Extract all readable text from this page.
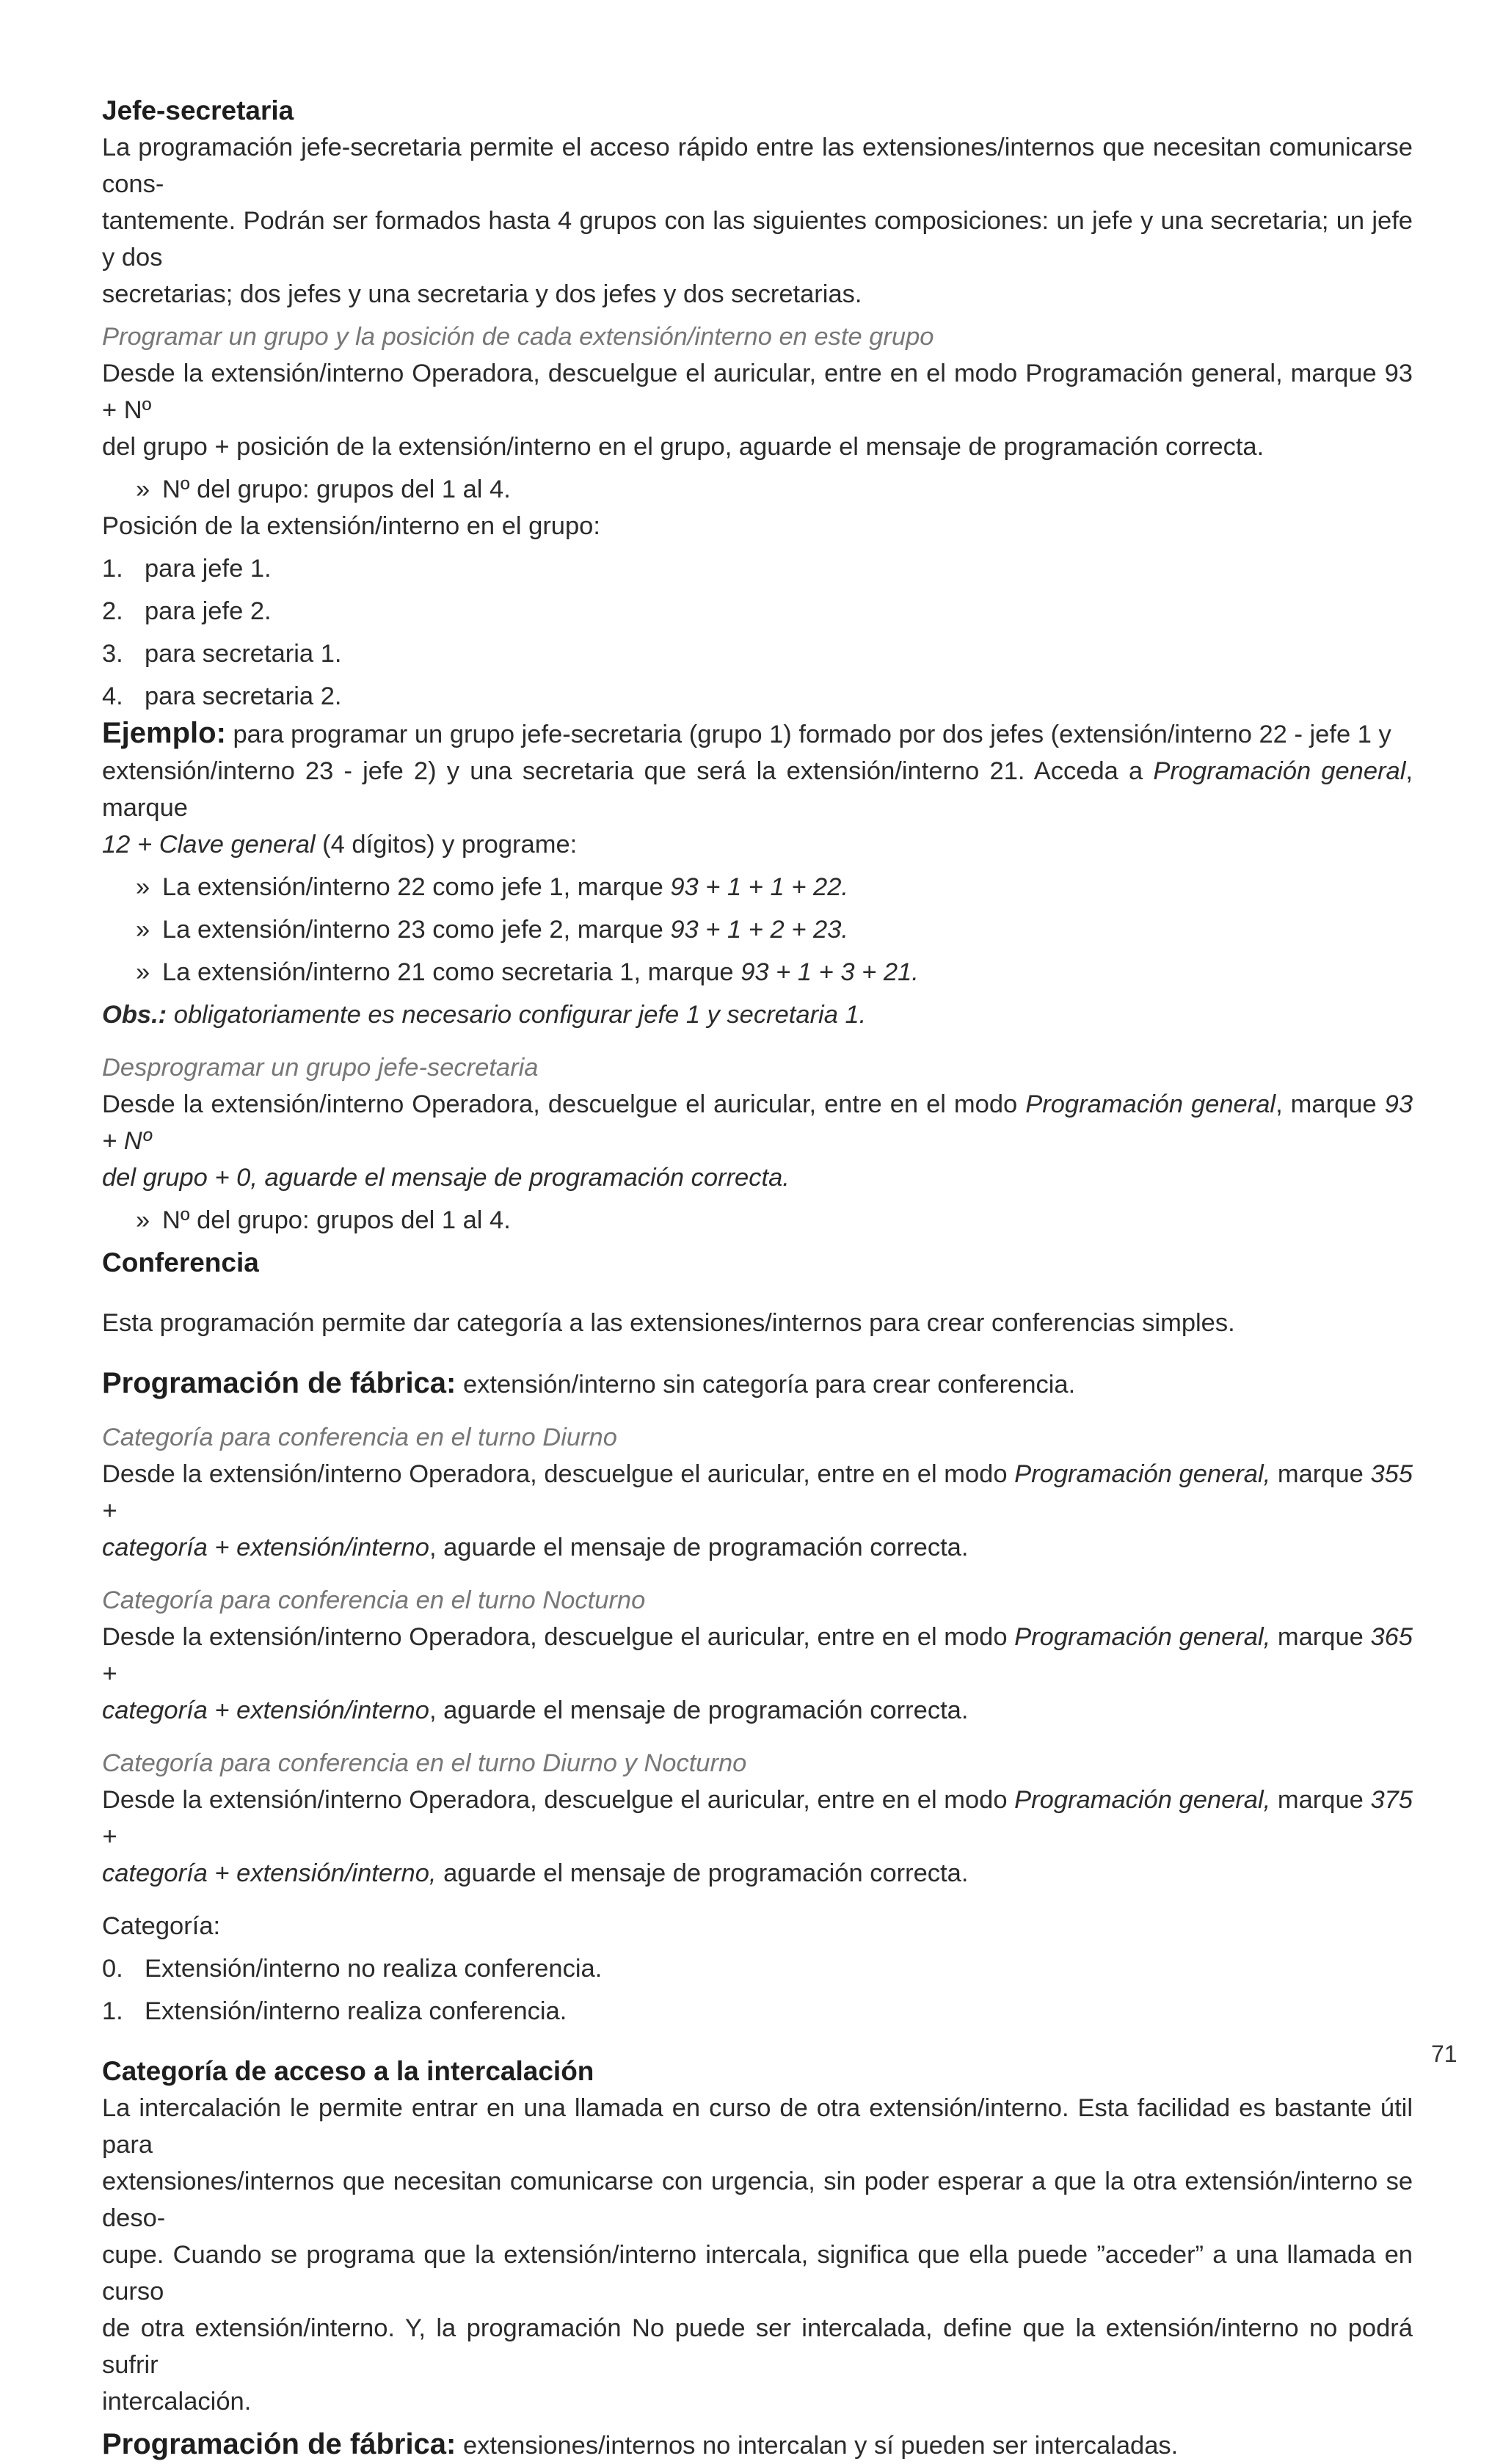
Jefe-secretaria

La programación jefe-secretaria permite el acceso rápido entre las extensiones/internos que necesitan comunicarse cons-

tantemente. Podrán ser formados hasta 4 grupos con las siguientes composiciones: un jefe y una secretaria; un jefe y dos

secretarias; dos jefes y una secretaria y dos jefes y dos secretarias.

Programar un grupo y la posición de cada extensión/interno en este grupo

Desde la extensión/interno Operadora, descuelgue el auricular, entre en el modo Programación general, marque 93 + Nº

del grupo + posición de la extensión/interno en el grupo, aguarde el mensaje de programación correcta.

» Nº del grupo: grupos del 1 al 4.

Posición de la extensión/interno en el grupo:

1. para jefe 1.

2. para jefe 2.

3. para secretaria 1.

4. para secretaria 2.

Ejemplo: para programar un grupo jefe-secretaria (grupo 1) formado por dos jefes (extensión/interno 22 - jefe 1 y

extensión/interno 23 - jefe 2) y una secretaria que será la extensión/interno 21. Acceda a Programación general, marque

12 + Clave general (4 dígitos) y programe:

» La extensión/interno 22 como jefe 1, marque 93 + 1 + 1 + 22.

» La extensión/interno 23 como jefe 2, marque 93 + 1 + 2 + 23.

» La extensión/interno 21 como secretaria 1, marque 93 + 1 + 3 + 21.

Obs.: obligatoriamente es necesario configurar jefe 1 y secretaria 1.

Desprogramar un grupo jefe-secretaria

Desde la extensión/interno Operadora, descuelgue el auricular, entre en el modo Programación general, marque 93 + Nº

del grupo + 0, aguarde el mensaje de programación correcta.

» Nº del grupo: grupos del 1 al 4.

Conferencia

Esta programación permite dar categoría a las extensiones/internos para crear conferencias simples.

Programación de fábrica: extensión/interno sin categoría para crear conferencia.

Categoría para conferencia en el turno Diurno

Desde la extensión/interno Operadora, descuelgue el auricular, entre en el modo Programación general, marque 355 +

categoría + extensión/interno, aguarde el mensaje de programación correcta.

Categoría para conferencia en el turno Nocturno

Desde la extensión/interno Operadora, descuelgue el auricular, entre en el modo Programación general, marque 365 +

categoría + extensión/interno, aguarde el mensaje de programación correcta.

Categoría para conferencia en el turno Diurno y Nocturno

Desde la extensión/interno Operadora, descuelgue el auricular, entre en el modo Programación general, marque 375 +

categoría + extensión/interno, aguarde el mensaje de programación correcta.

Categoría:

0. Extensión/interno no realiza conferencia.

1. Extensión/interno realiza conferencia.

Categoría de acceso a la intercalación

La intercalación le permite entrar en una llamada en curso de otra extensión/interno. Esta facilidad es bastante útil para

extensiones/internos que necesitan comunicarse con urgencia, sin poder esperar a que la otra extensión/interno se deso-

cupe. Cuando se programa que la extensión/interno intercala, significa que ella puede ”acceder” a una llamada en curso

de otra extensión/interno. Y, la programación No puede ser intercalada, define que la extensión/interno no podrá sufrir

intercalación.

Programación de fábrica: extensiones/internos no intercalan y sí pueden ser intercaladas.

71
